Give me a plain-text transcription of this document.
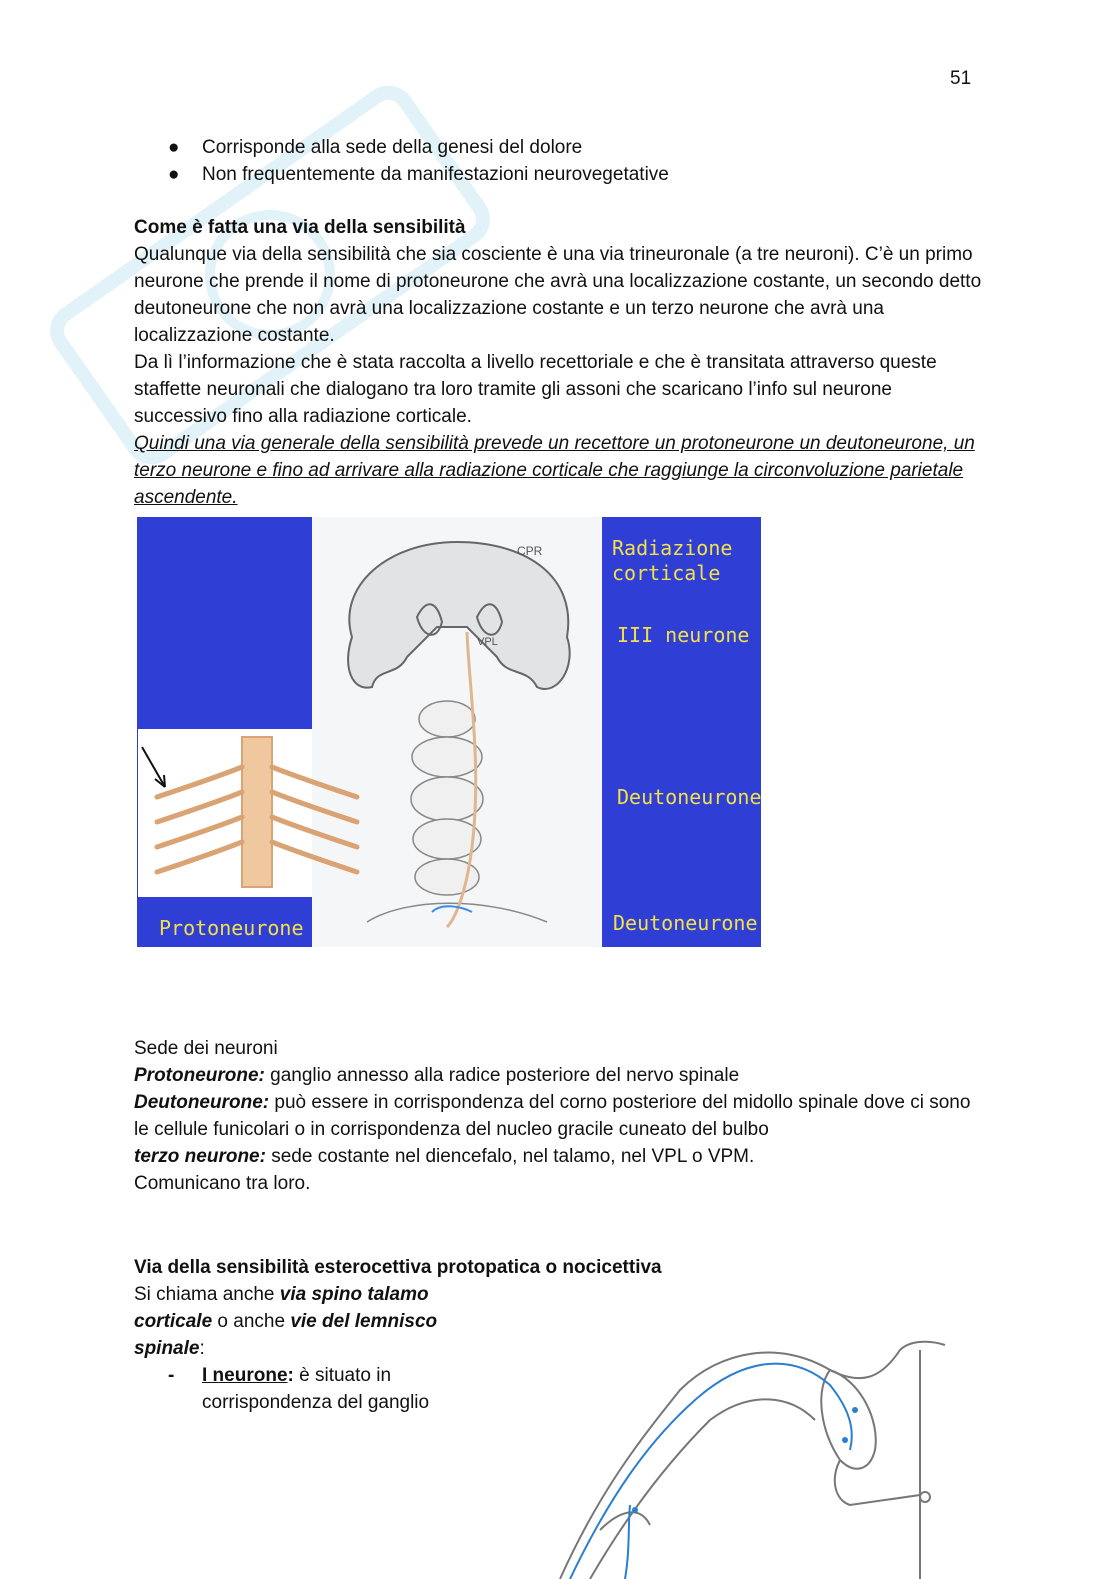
51
● Corrisponde alla sede della genesi del dolore
● Non frequentemente da manifestazioni neurovegetative
Come è fatta una via della sensibilità
Qualunque via della sensibilità che sia cosciente è una via trineuronale (a tre neuroni). C’è un primo neurone che prende il nome di protoneurone che avrà una localizzazione costante, un secondo detto deutoneurone che non avrà una localizzazione costante e un terzo neurone che avrà una localizzazione costante.
Da lì l’informazione che è stata raccolta a livello recettoriale e che è transitata attraverso queste staffette neuronali che dialogano tra loro tramite gli assoni che scaricano l’info sul neurone successivo fino alla radiazione corticale.
Quindi una via generale della sensibilità prevede un recettore un protoneurone un deutoneurone, un terzo neurone e fino ad arrivare alla radiazione corticale che raggiunge la circonvoluzione parietale ascendente.
CPR
VPL
Radiazione
corticale
III neurone
Deutoneurone
Deutoneurone
Protoneurone
Sede dei neuroni
Protoneurone: ganglio annesso alla radice posteriore del nervo spinale
Deutoneurone: può essere in corrispondenza del corno posteriore del midollo spinale dove ci sono le cellule funicolari o in corrispondenza del nucleo gracile cuneato del bulbo
terzo neurone: sede costante nel diencefalo, nel talamo, nel VPL o VPM.
Comunicano tra loro.
Via della sensibilità esterocettiva protopatica o nocicettiva
Si chiama anche via spino talamo
corticale o anche vie del lemnisco
spinale:
- I neurone: è situato in
corrispondenza del ganglio
